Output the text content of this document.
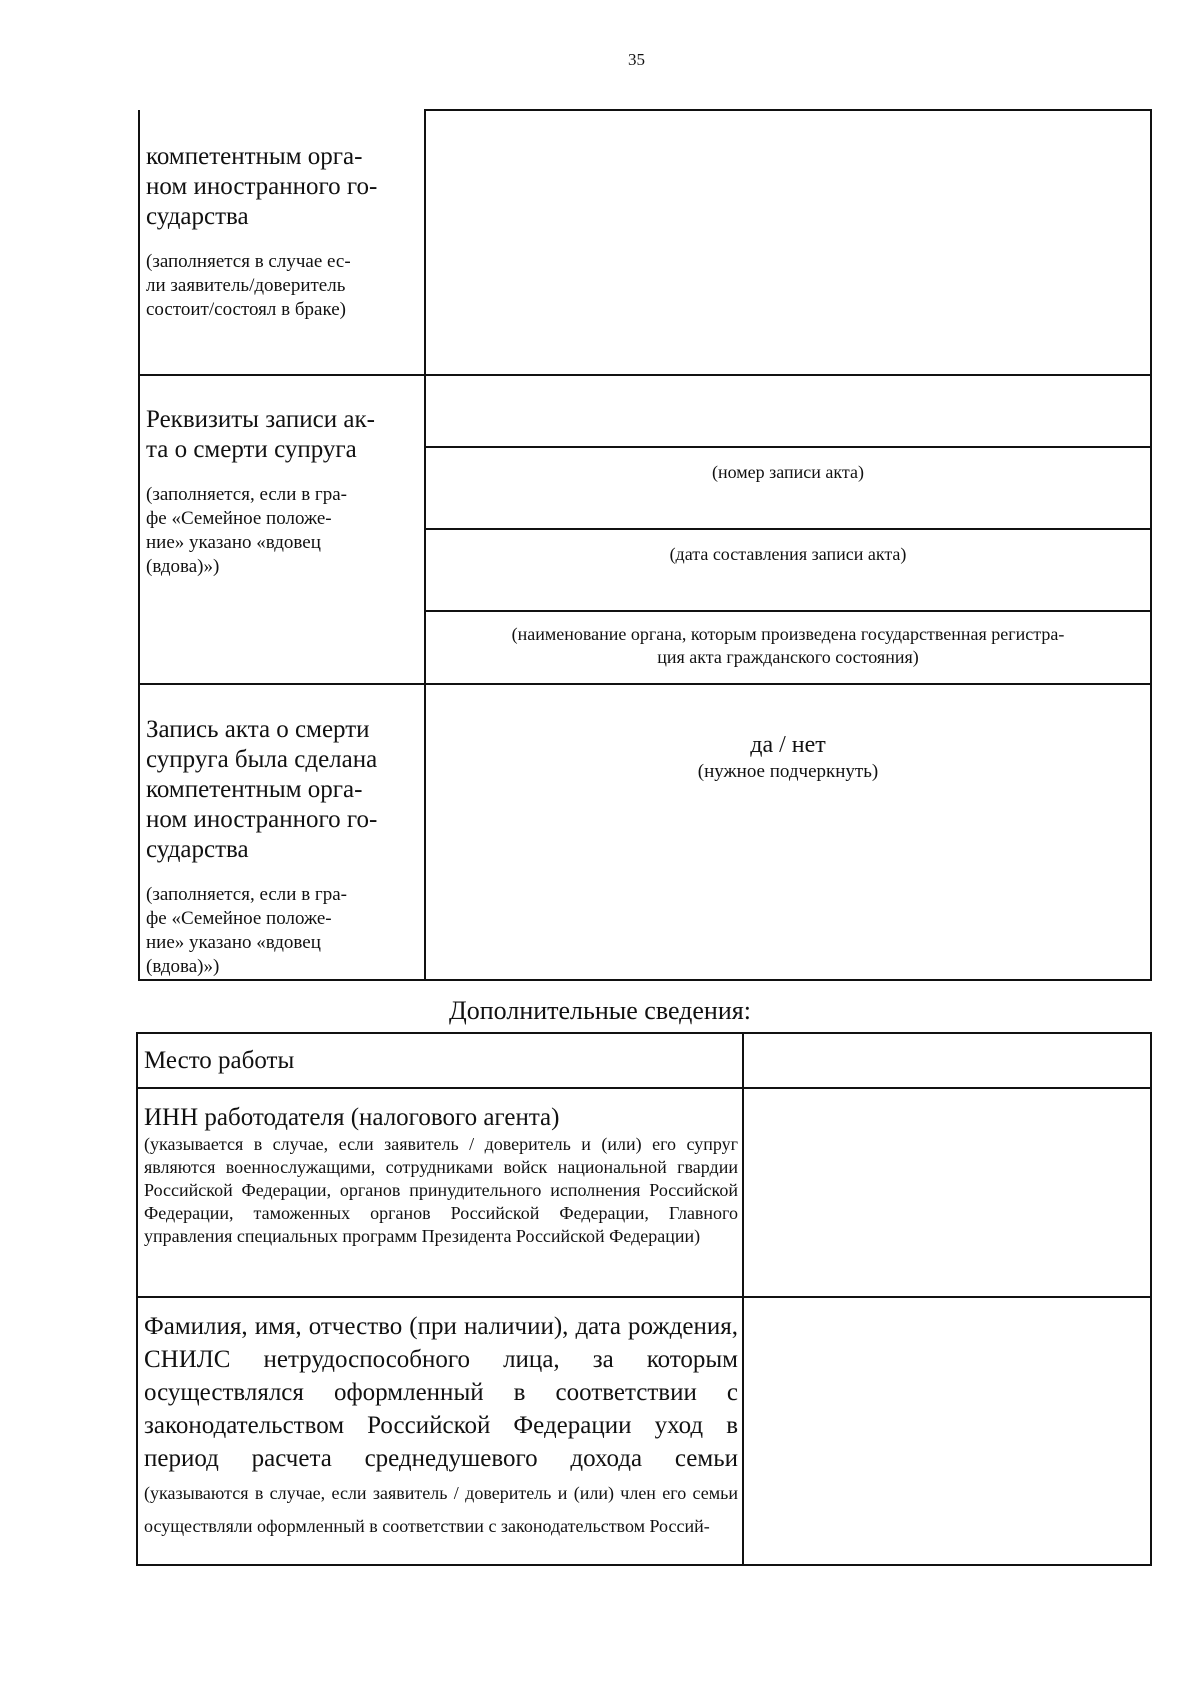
35

компетентным орга-
ном иностранного го-
сударства

(заполняется в случае ес-
ли заявитель/доверитель
состоит/состоял в браке)

Реквизиты записи ак-
та о смерти супруга

(заполняется, если в гра-
фе «Семейное положе-
ние» указано «вдовец
(вдова)»)

(номер записи акта)
(дата составления записи акта)
(наименование органа, которым произведена государственная регистра-
ция акта гражданского состояния)

Запись акта о смерти
супруга была сделана
компетентным орга-
ном иностранного го-
сударства

(заполняется, если в гра-
фе «Семейное положе-
ние» указано «вдовец
(вдова)»)

да / нет
(нужное подчеркнуть)
Дополнительные сведения:
Место работы
ИНН работодателя (налогового агента)
(указывается в случае, если заявитель / доверитель и (или) его супруг являются военнослужащими, сотрудниками войск национальной гвардии Российской Федерации, органов принудительного исполнения Российской Федерации, таможенных органов Российской Федерации, Главного управления специальных программ Президента Российской Федерации)
Фамилия, имя, отчество (при наличии), дата рождения, СНИЛС нетрудоспособного лица, за которым осуществлялся оформленный в соответствии с законодательством Российской Федерации уход в период расчета среднедушевого дохода семьи (указываются в случае, если заявитель / доверитель и (или) член его семьи осуществляли оформленный в соответствии с законодательством Россий-
